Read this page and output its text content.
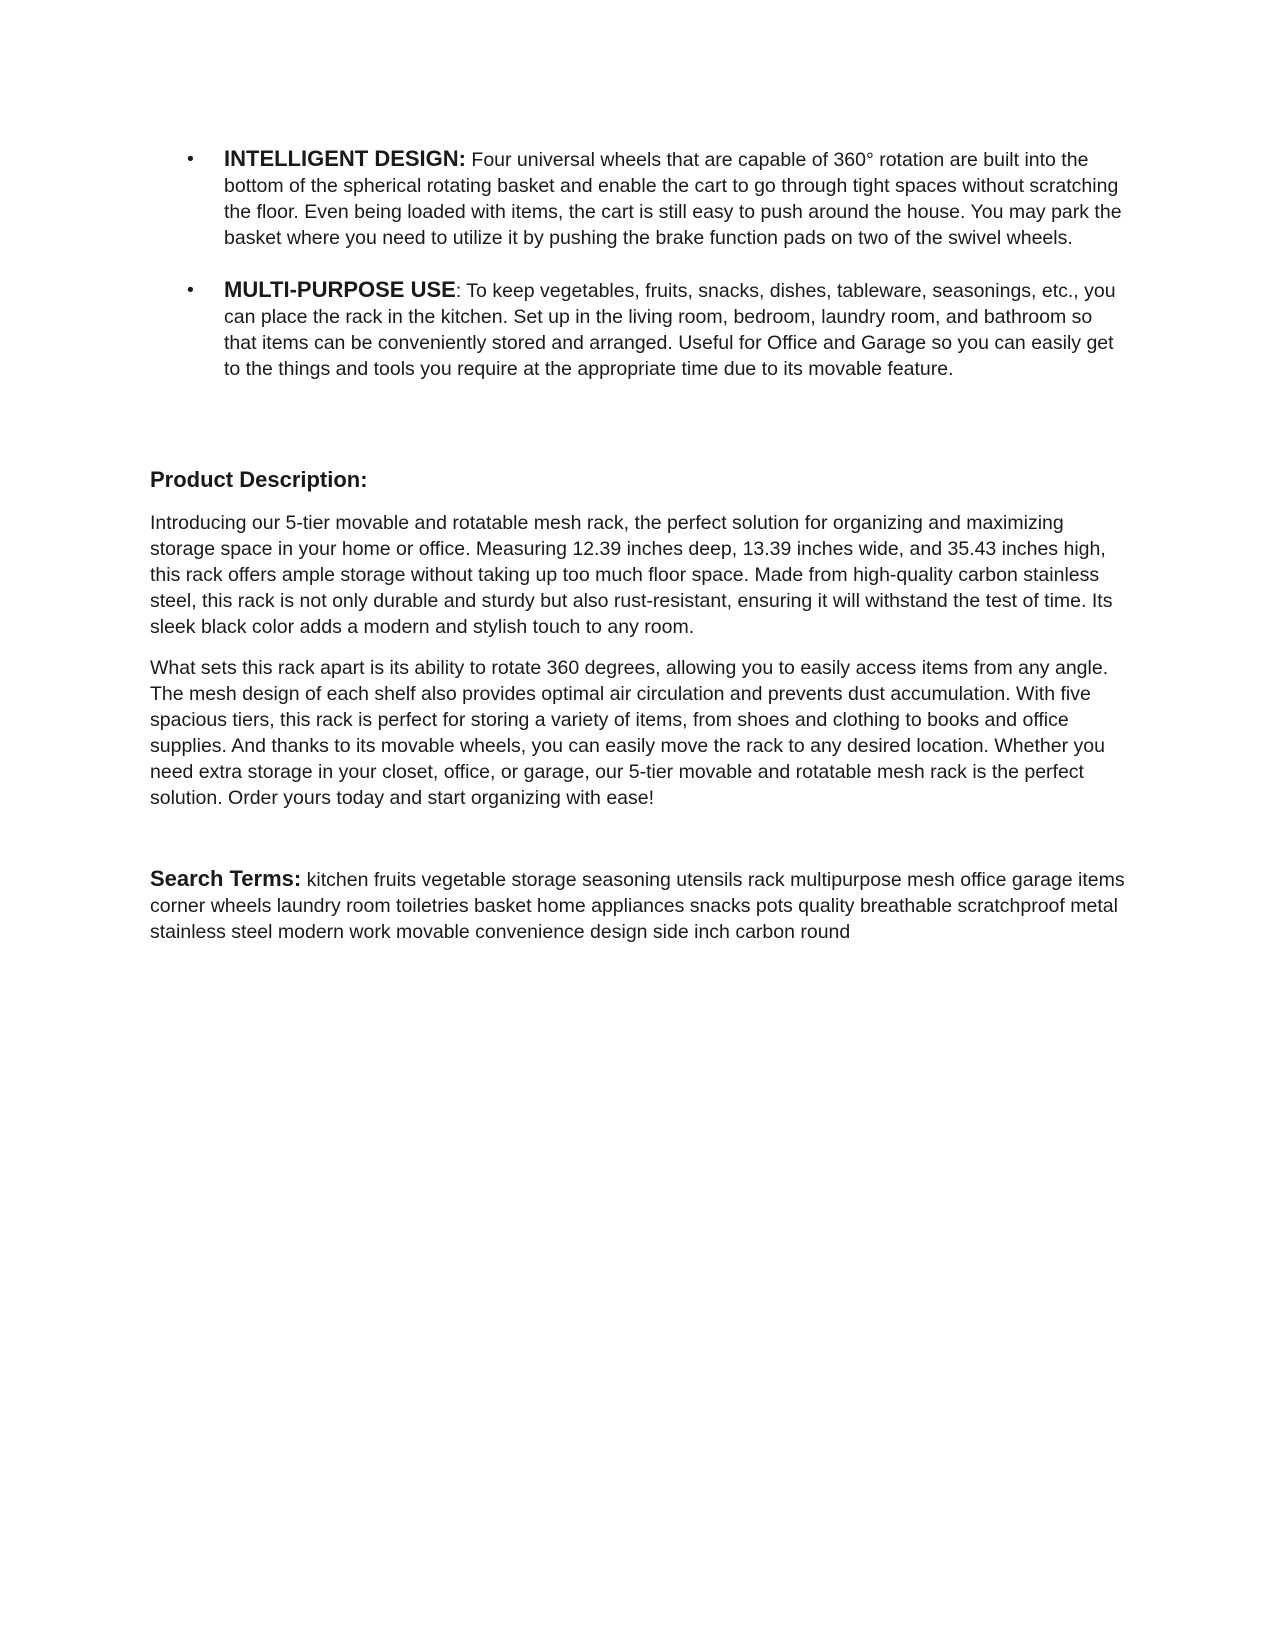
• INTELLIGENT DESIGN: Four universal wheels that are capable of 360° rotation are built into the bottom of the spherical rotating basket and enable the cart to go through tight spaces without scratching the floor. Even being loaded with items, the cart is still easy to push around the house. You may park the basket where you need to utilize it by pushing the brake function pads on two of the swivel wheels.
• MULTI-PURPOSE USE: To keep vegetables, fruits, snacks, dishes, tableware, seasonings, etc., you can place the rack in the kitchen. Set up in the living room, bedroom, laundry room, and bathroom so that items can be conveniently stored and arranged. Useful for Office and Garage so you can easily get to the things and tools you require at the appropriate time due to its movable feature.
Product Description:

Introducing our 5-tier movable and rotatable mesh rack, the perfect solution for organizing and maximizing storage space in your home or office. Measuring 12.39 inches deep, 13.39 inches wide, and 35.43 inches high, this rack offers ample storage without taking up too much floor space. Made from high-quality carbon stainless steel, this rack is not only durable and sturdy but also rust-resistant, ensuring it will withstand the test of time. Its sleek black color adds a modern and stylish touch to any room.

What sets this rack apart is its ability to rotate 360 degrees, allowing you to easily access items from any angle. The mesh design of each shelf also provides optimal air circulation and prevents dust accumulation. With five spacious tiers, this rack is perfect for storing a variety of items, from shoes and clothing to books and office supplies. And thanks to its movable wheels, you can easily move the rack to any desired location. Whether you need extra storage in your closet, office, or garage, our 5-tier movable and rotatable mesh rack is the perfect solution. Order yours today and start organizing with ease!

Search Terms: kitchen fruits vegetable storage seasoning utensils rack multipurpose mesh office garage items corner wheels laundry room toiletries basket home appliances snacks pots quality breathable scratchproof metal stainless steel modern work movable convenience design side inch carbon round
